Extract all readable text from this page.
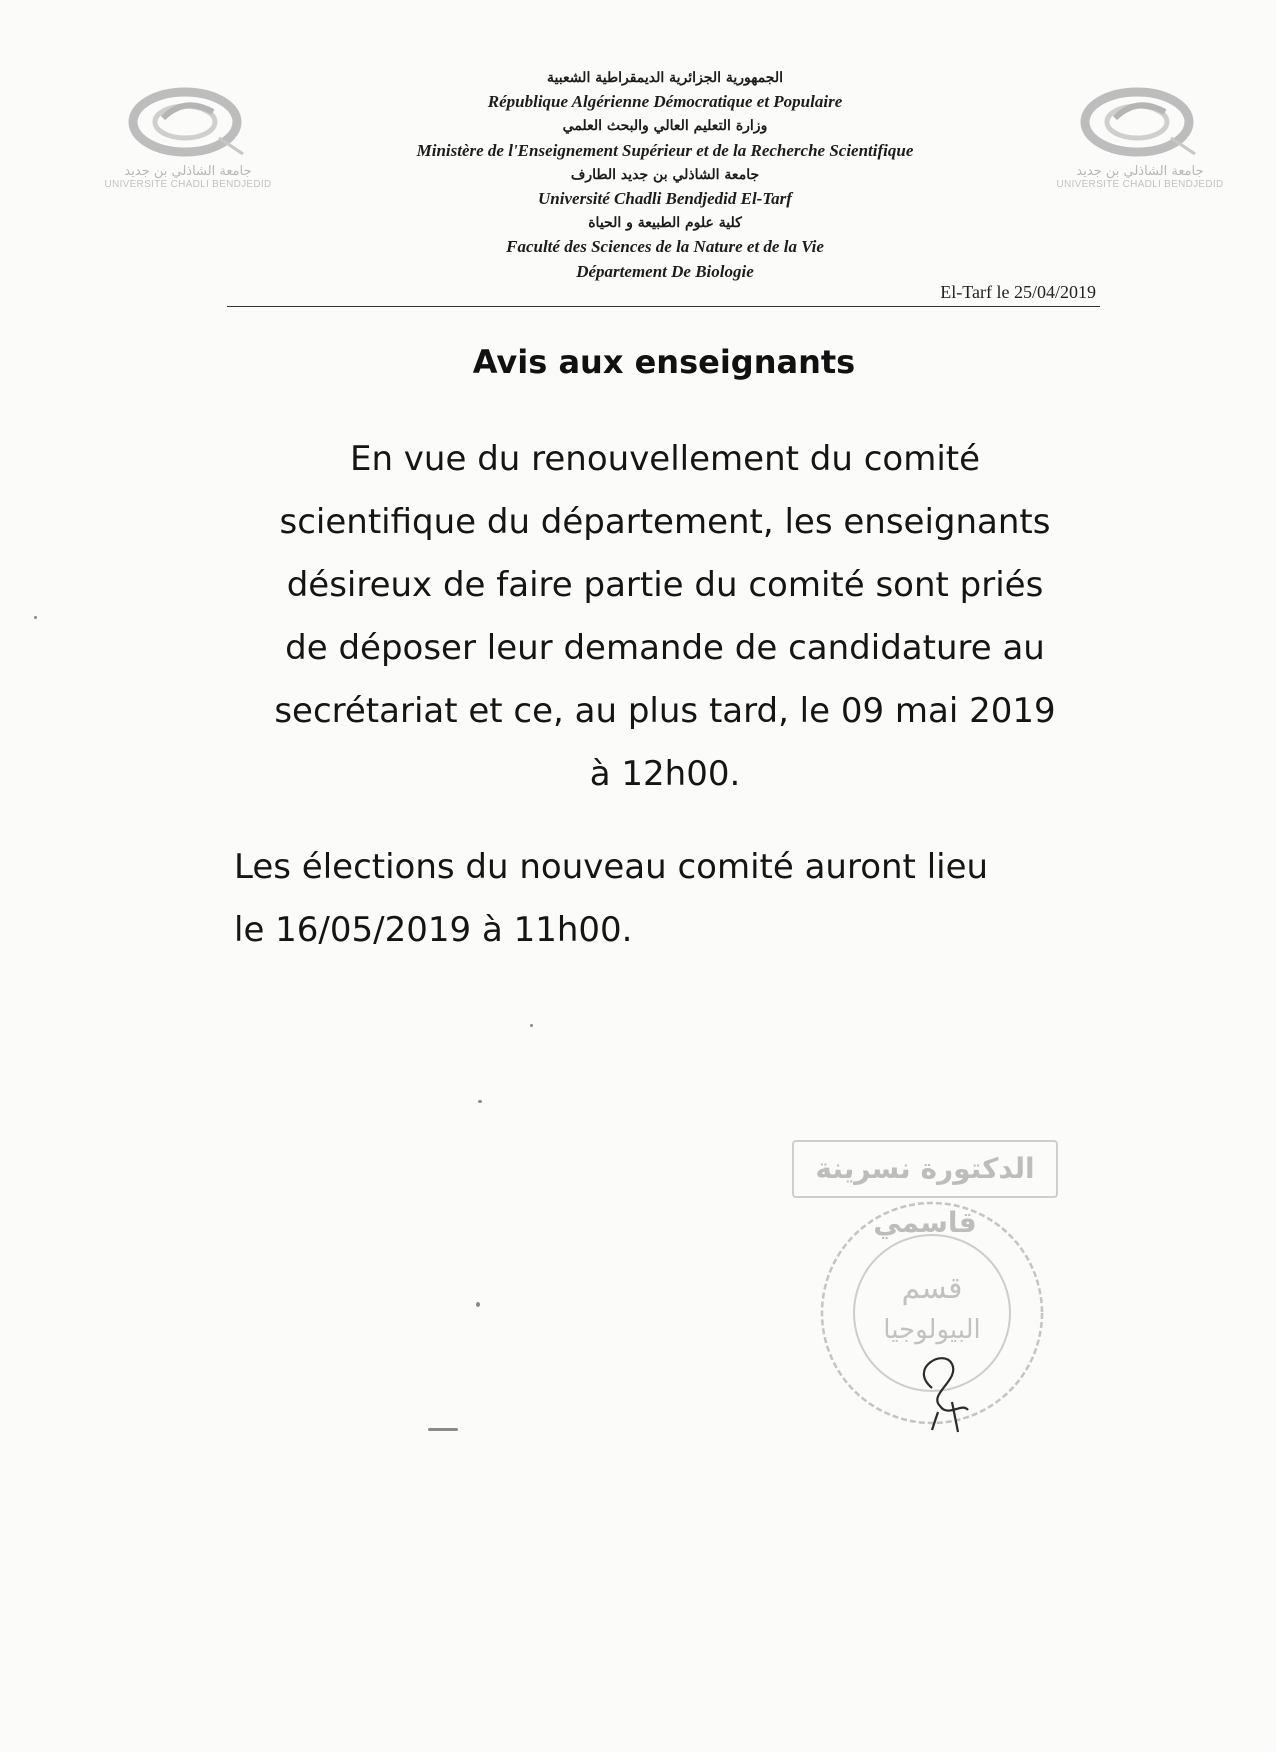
جامعة الشاذلي بن جديد
UNIVERSITE CHADLI BENDJEDID
جامعة الشاذلي بن جديد
UNIVERSITE CHADLI BENDJEDID
الجمهورية الجزائرية الديمقراطية الشعبية
République Algérienne Démocratique et Populaire
وزارة التعليم العالي والبحث العلمي
Ministère de l'Enseignement Supérieur et de la Recherche Scientifique
جامعة الشاذلي بن جديد الطارف
Université Chadli Bendjedid El-Tarf
كلية علوم الطبيعة و الحياة
Faculté des Sciences de la Nature et de la Vie
Département De Biologie
El-Tarf le 25/04/2019
Avis aux enseignants
En vue du renouvellement du comité
scientifique du département, les enseignants
désireux de faire partie du comité sont priés
de déposer leur demande de candidature au
secrétariat et ce, au plus tard, le 09 mai 2019
à 12h00.
Les élections du nouveau comité auront lieu
le 16/05/2019 à 11h00.
الدكتورة نسرينة قاسمي
قسم
البيولوجيا
